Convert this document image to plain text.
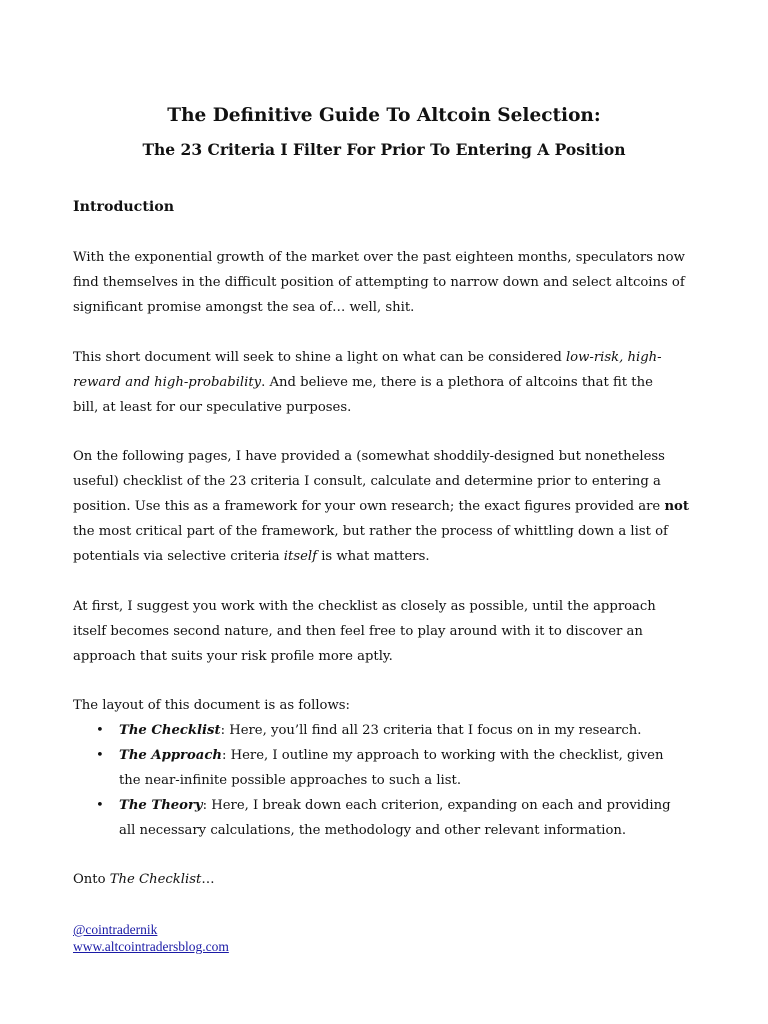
The Definitive Guide To Altcoin Selection:
The 23 Criteria I Filter For Prior To Entering A Position
Introduction
With the exponential growth of the market over the past eighteen months, speculators now
find themselves in the difficult position of attempting to narrow down and select altcoins of
significant promise amongst the sea of… well, shit.
This short document will seek to shine a light on what can be considered low-risk, high-
reward and high-probability. And believe me, there is a plethora of altcoins that fit the
bill, at least for our speculative purposes.
On the following pages, I have provided a (somewhat shoddily-designed but nonetheless
useful) checklist of the 23 criteria I consult, calculate and determine prior to entering a
position. Use this as a framework for your own research; the exact figures provided are not
the most critical part of the framework, but rather the process of whittling down a list of
potentials via selective criteria itself is what matters.
At first, I suggest you work with the checklist as closely as possible, until the approach
itself becomes second nature, and then feel free to play around with it to discover an
approach that suits your risk profile more aptly.
The layout of this document is as follows:
• The Checklist: Here, you’ll find all 23 criteria that I focus on in my research.
• The Approach: Here, I outline my approach to working with the checklist, given
the near-infinite possible approaches to such a list.
• The Theory: Here, I break down each criterion, expanding on each and providing
all necessary calculations, the methodology and other relevant information.
Onto The Checklist…
@cointradernik
www.altcointradersblog.com
